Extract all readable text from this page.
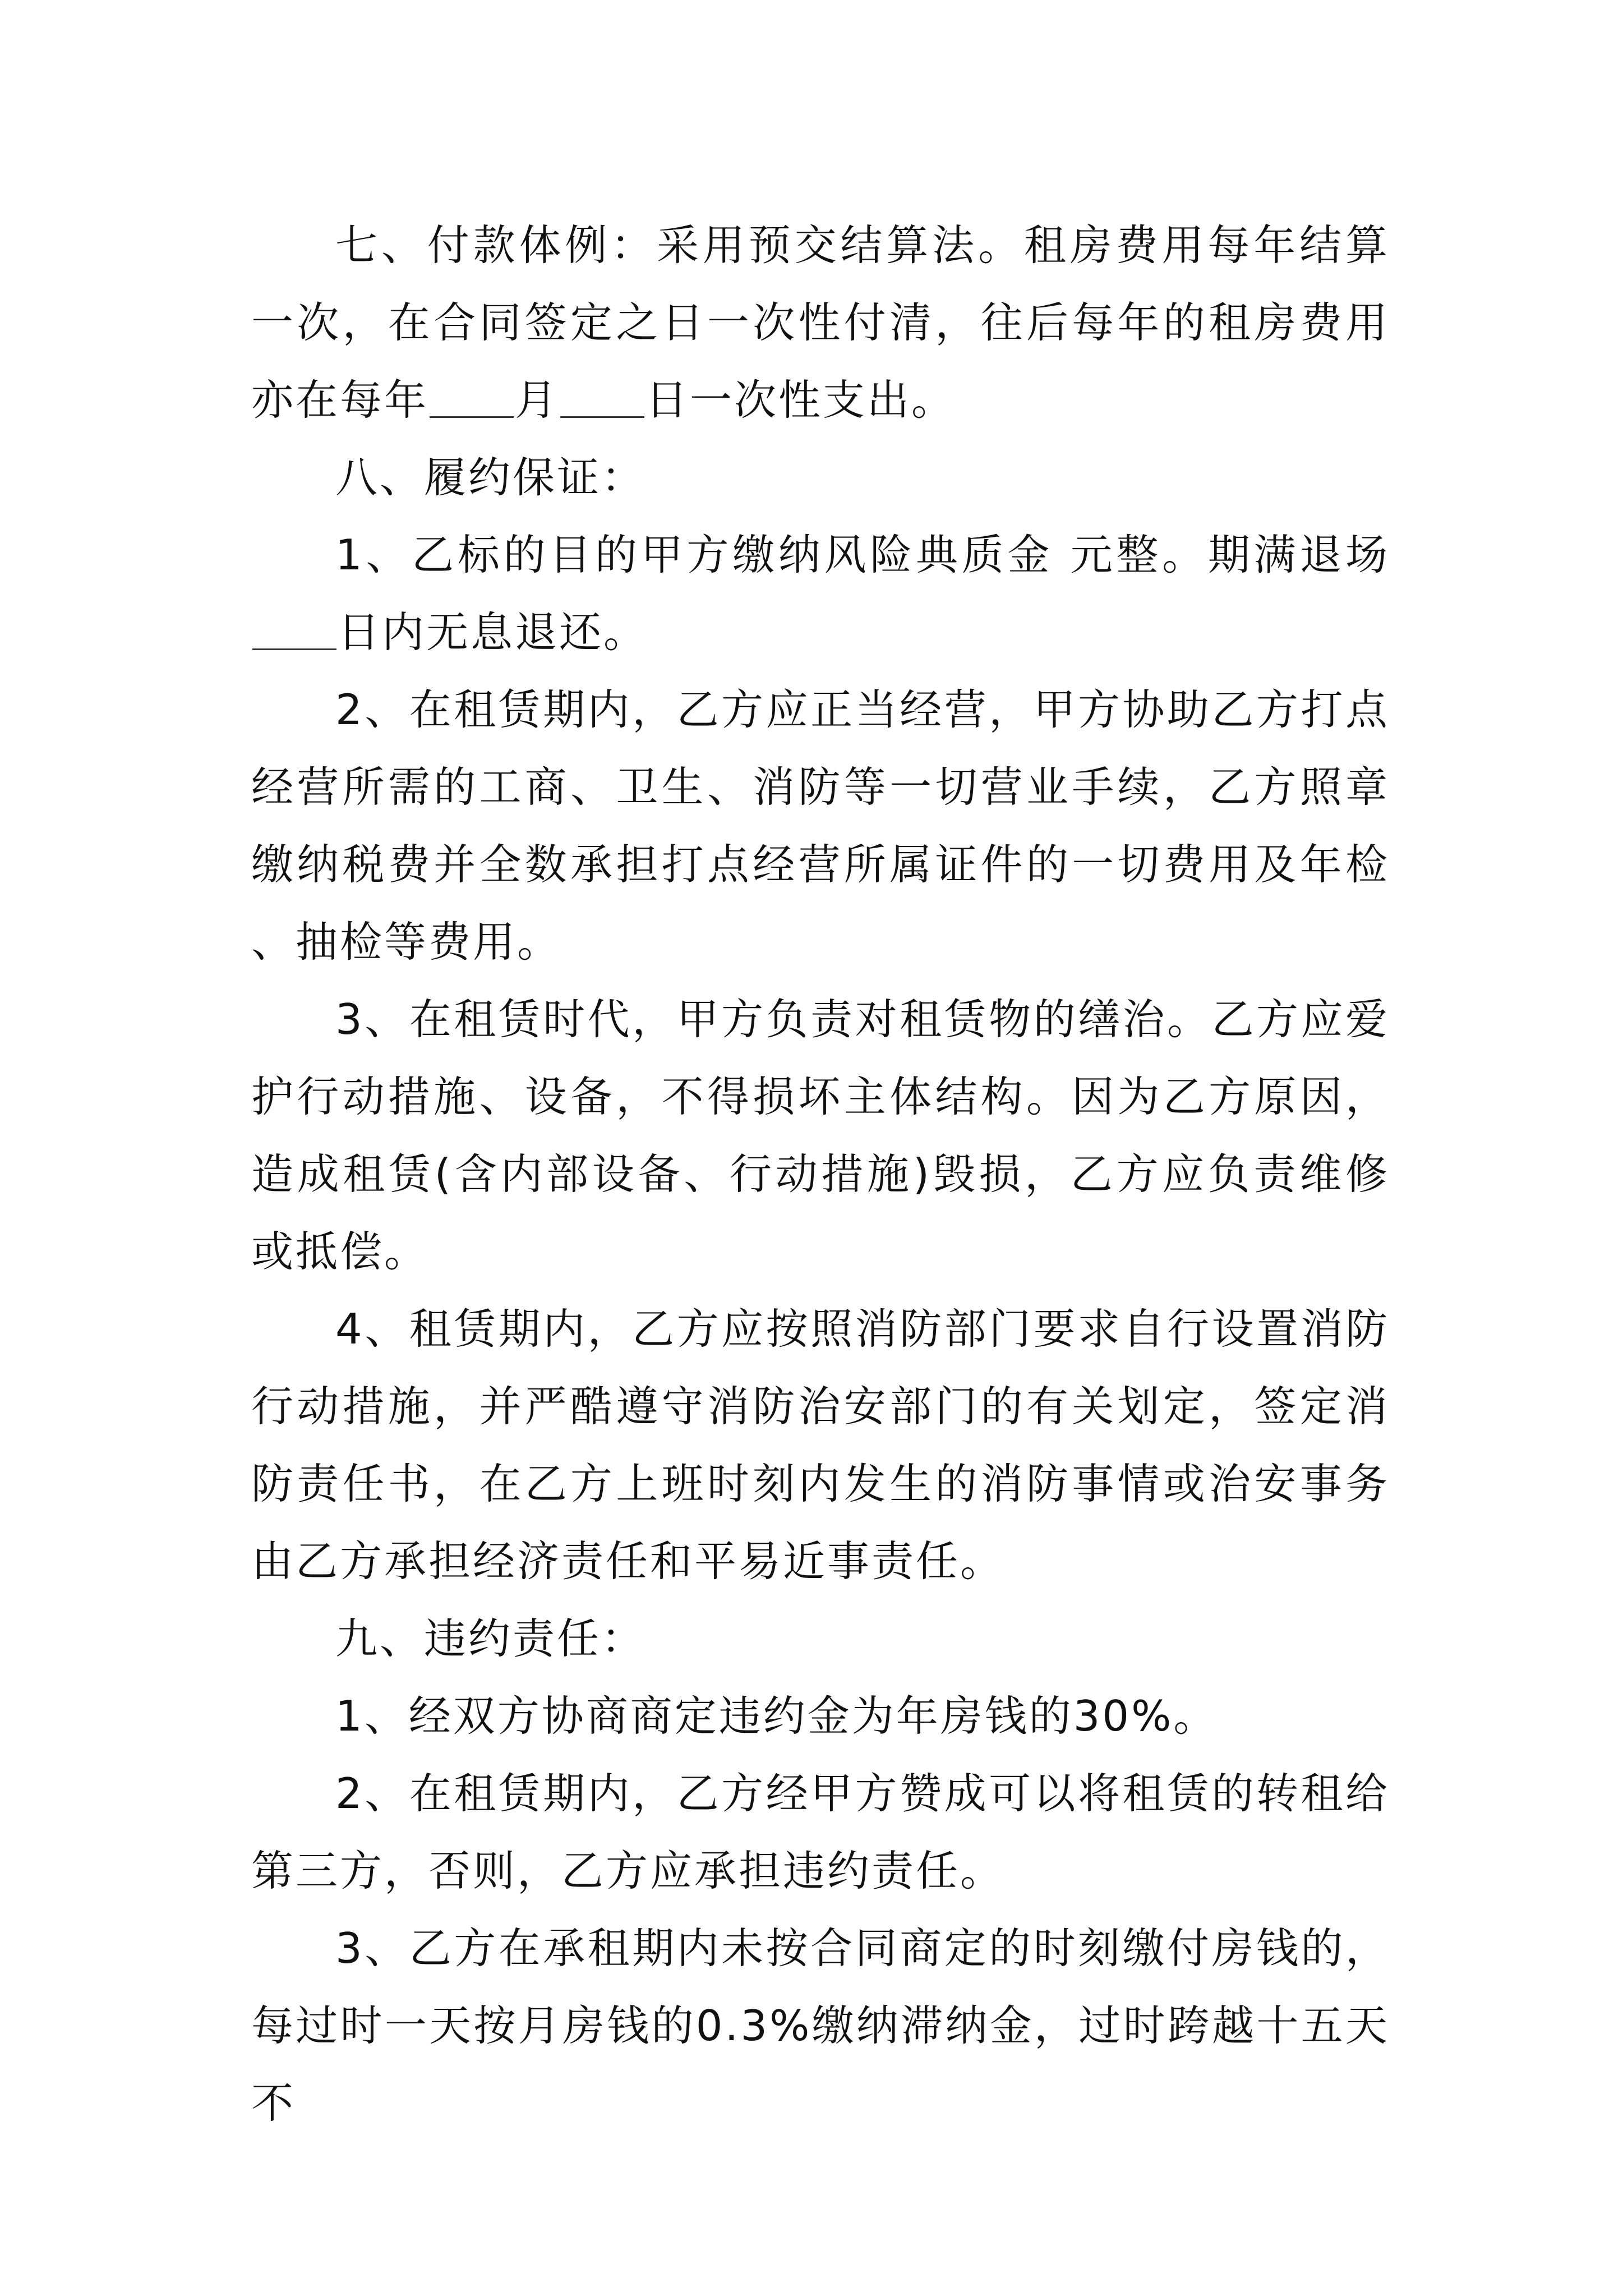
七、付款体例：采用预交结算法。租房费用每年结算一次，在合同签定之日一次性付清，往后每年的租房费用亦在每年 月 日一次性支出。

八、履约保证：

1、乙标的目的甲方缴纳风险典质金 元整。期满退场日内无息退还。

2、在租赁期内，乙方应正当经营，甲方协助乙方打点经营所需的工商、卫生、消防等一切营业手续，乙方照章缴纳税费并全数承担打点经营所属证件的一切费用及年检、抽检等费用。

3、在租赁时代，甲方负责对租赁物的缮治。乙方应爱护行动措施、设备，不得损坏主体结构。因为乙方原因，造成租赁(含内部设备、行动措施)毁损，乙方应负责维修或抵偿。

4、租赁期内，乙方应按照消防部门要求自行设置消防行动措施，并严酷遵守消防治安部门的有关划定，签定消防责任书，在乙方上班时刻内发生的消防事情或治安事务由乙方承担经济责任和平易近事责任。

九、违约责任：

1、经双方协商商定违约金为年房钱的30%。

2、在租赁期内，乙方经甲方赞成可以将租赁的转租给第三方，否则，乙方应承担违约责任。

3、乙方在承租期内未按合同商定的时刻缴付房钱的，每过时一天按月房钱的0.3%缴纳滞纳金，过时跨越十五天不
